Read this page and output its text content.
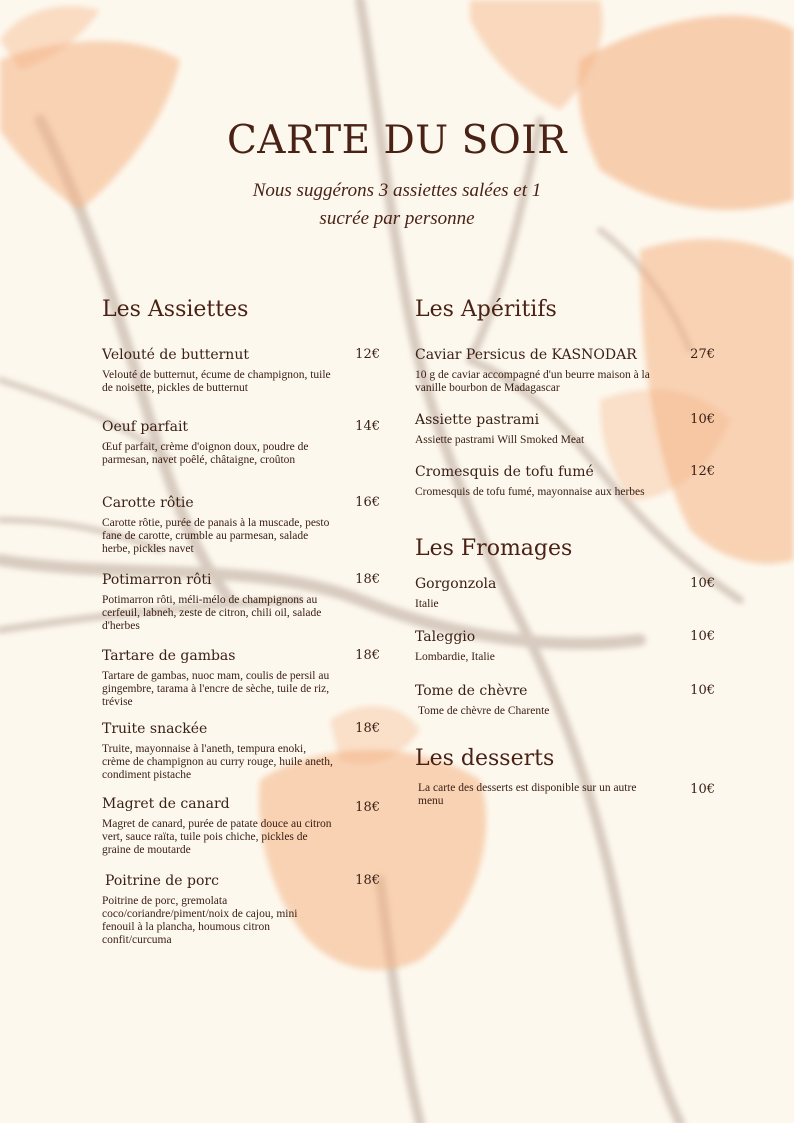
CARTE DU SOIR
Nous suggérons 3 assiettes salées et 1 sucrée par personne
Les Assiettes
Velouté de butternut	12€
Velouté de butternut, écume de champignon, tuile de noisette, pickles de butternut
Oeuf parfait	14€
Œuf parfait, crème d'oignon doux, poudre de parmesan, navet poêlé, châtaigne, croûton
Carotte rôtie	16€
Carotte rôtie, purée de panais à la muscade, pesto fane de carotte, crumble au parmesan, salade herbe, pickles navet
Potimarron rôti	18€
Potimarron rôti, méli-mélo de champignons au cerfeuil, labneh, zeste de citron, chili oil, salade d'herbes
Tartare de gambas	18€
Tartare de gambas, nuoc mam, coulis de persil au gingembre, tarama à l'encre de sèche, tuile de riz, trévise
Truite snackée	18€
Truite, mayonnaise à l'aneth, tempura enoki, crème de champignon au curry rouge, huile aneth, condiment pistache
Magret de canard	18€
Magret de canard, purée de patate douce au citron vert, sauce raïta, tuile pois chiche, pickles de graine de moutarde
Poitrine de porc	18€
Poitrine de porc, gremolata coco/coriandre/piment/noix de cajou, mini fenouil à la plancha, houmous citron confit/curcuma
Les Apéritifs
Caviar Persicus de KASNODAR	27€
10 g de caviar accompagné d'un beurre maison à la vanille bourbon de Madagascar
Assiette pastrami	10€
Assiette pastrami Will Smoked Meat
Cromesquis de tofu fumé	12€
Cromesquis de tofu fumé, mayonnaise aux herbes
Les Fromages
Gorgonzola	10€
Italie
Taleggio	10€
Lombardie, Italie
Tome de chèvre	10€
Tome de chèvre de Charente
Les desserts
10€
La carte des desserts est disponible sur un autre menu
